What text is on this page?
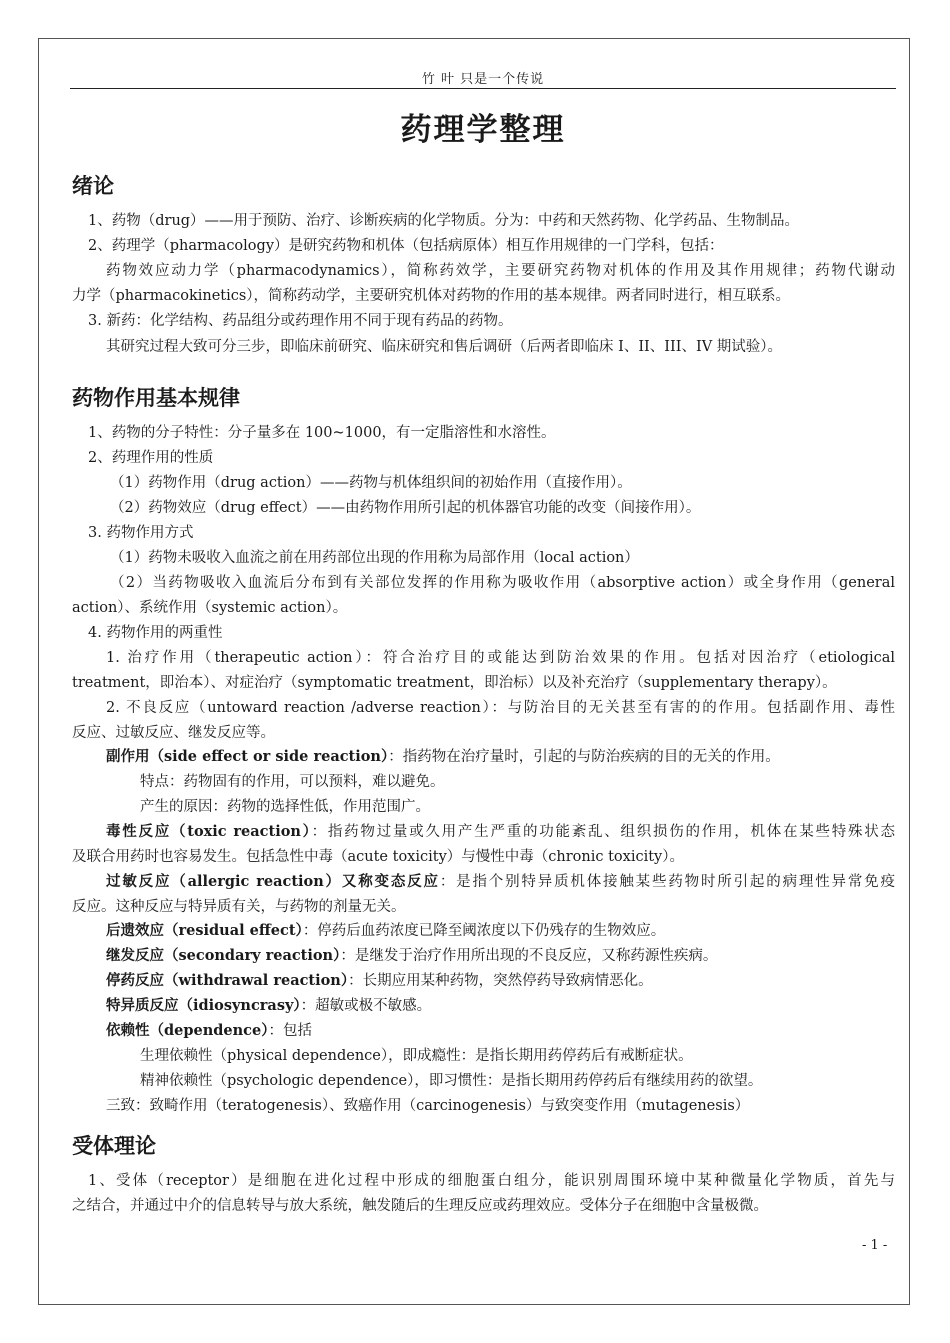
竹 叶 只是一个传说
药理学整理
绪论
1、药物（drug）——用于预防、治疗、诊断疾病的化学物质。分为：中药和天然药物、化学药品、生物制品。
2、药理学（pharmacology）是研究药物和机体（包括病原体）相互作用规律的一门学科，包括：
药物效应动力学（pharmacodynamics），简称药效学，主要研究药物对机体的作用及其作用规律；药物代谢动
力学（pharmacokinetics），简称药动学，主要研究机体对药物的作用的基本规律。两者同时进行，相互联系。
3. 新药：化学结构、药品组分或药理作用不同于现有药品的药物。
其研究过程大致可分三步，即临床前研究、临床研究和售后调研（后两者即临床 I、II、III、IV 期试验）。
药物作用基本规律
1、药物的分子特性：分子量多在 100~1000，有一定脂溶性和水溶性。
2、药理作用的性质
（1）药物作用（drug action）——药物与机体组织间的初始作用（直接作用）。
（2）药物效应（drug effect）——由药物作用所引起的机体器官功能的改变（间接作用）。
3. 药物作用方式
（1）药物未吸收入血流之前在用药部位出现的作用称为局部作用（local action）
（2）当药物吸收入血流后分布到有关部位发挥的作用称为吸收作用（absorptive action）或全身作用（general
action）、系统作用（systemic action）。
4. 药物作用的两重性
1. 治疗作用（therapeutic action）：符合治疗目的或能达到防治效果的作用。包括对因治疗（etiological
treatment，即治本）、对症治疗（symptomatic treatment，即治标）以及补充治疗（supplementary therapy）。
2. 不良反应（untoward reaction /adverse reaction）：与防治目的无关甚至有害的的作用。包括副作用、毒性
反应、过敏反应、继发反应等。
副作用（side effect or side reaction）：指药物在治疗量时，引起的与防治疾病的目的无关的作用。
特点：药物固有的作用，可以预料，难以避免。
产生的原因：药物的选择性低，作用范围广。
毒性反应（toxic reaction）：指药物过量或久用产生严重的功能紊乱、组织损伤的作用，机体在某些特殊状态
及联合用药时也容易发生。包括急性中毒（acute toxicity）与慢性中毒（chronic toxicity）。
过敏反应（allergic reaction）又称变态反应：是指个别特异质机体接触某些药物时所引起的病理性异常免疫
反应。这种反应与特异质有关，与药物的剂量无关。
后遗效应（residual effect）：停药后血药浓度已降至阈浓度以下仍残存的生物效应。
继发反应（secondary reaction）：是继发于治疗作用所出现的不良反应，又称药源性疾病。
停药反应（withdrawal reaction）：长期应用某种药物，突然停药导致病情恶化。
特异质反应（idiosyncrasy）：超敏或极不敏感。
依赖性（dependence）：包括
生理依赖性（physical dependence），即成瘾性：是指长期用药停药后有戒断症状。
精神依赖性（psychologic dependence），即习惯性：是指长期用药停药后有继续用药的欲望。
三致：致畸作用（teratogenesis）、致癌作用（carcinogenesis）与致突变作用（mutagenesis）
受体理论
1、受体（receptor）是细胞在进化过程中形成的细胞蛋白组分，能识别周围环境中某种微量化学物质，首先与
之结合，并通过中介的信息转导与放大系统，触发随后的生理反应或药理效应。受体分子在细胞中含量极微。
- 1 -
